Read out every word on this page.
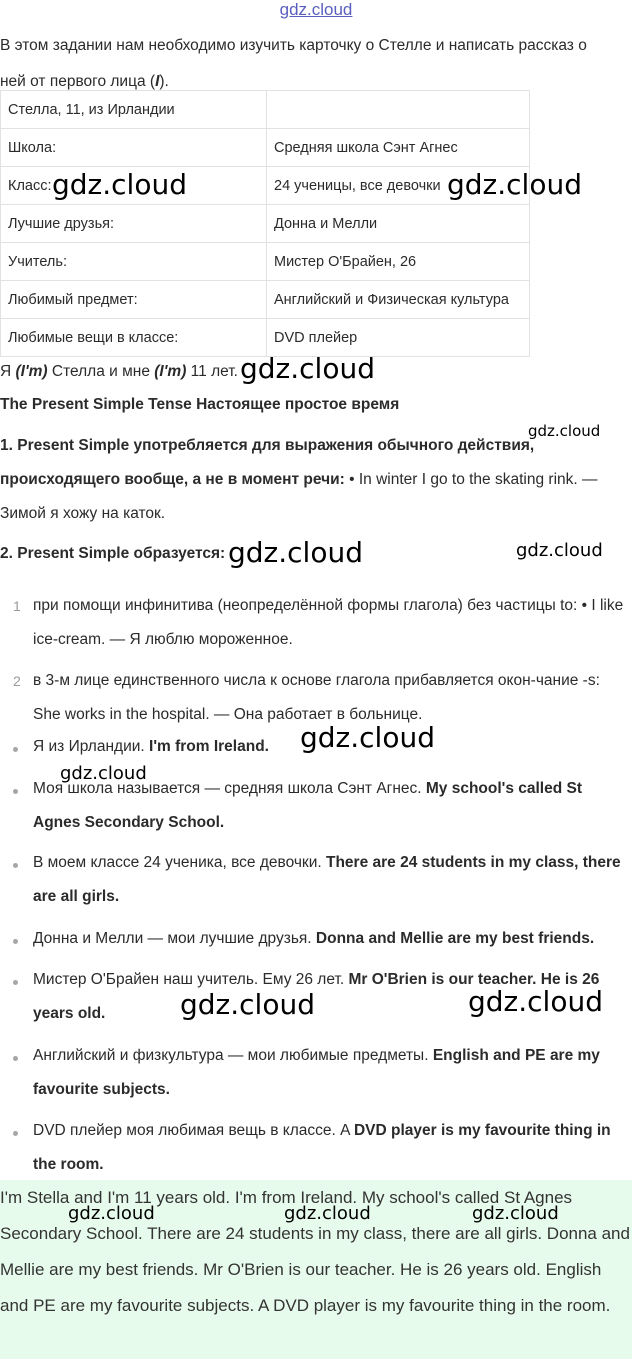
gdz.cloud
В этом задании нам необходимо изучить карточку о Стелле и написать рассказ о ней от первого лица (I).
Стелла, 11, из Ирландии	
Школа:	Средняя школа Сэнт Агнес
Класс:	24 ученицы, все девочки
Лучшие друзья:	Донна и Мелли
Учитель:	Мистер О'Брайен, 26
Любимый предмет:	Английский и Физическая культура
Любимые вещи в классе:	DVD плейер
Я (I'm) Стелла и мне (I'm) 11 лет.
The Present Simple Tense Настоящее простое время
1. Present Simple употребляется для выражения обычного действия, происходящего вообще, а не в момент речи: • In winter I go to the skating rink. — Зимой я хожу на каток.
2. Present Simple образуется:
1 при помощи инфинитива (неопределённой формы глагола) без частицы to: • I like ice-cream. — Я люблю мороженное.
2 в 3-м лице единственного числа к основе глагола прибавляется окон-чание -s: She works in the hospital. — Она работает в больнице.
Я из Ирландии. I'm from Ireland.
Моя школа называется — средняя школа Сэнт Агнес. My school's called St Agnes Secondary School.
В моем классе 24 ученика, все девочки. There are 24 students in my class, there are all girls.
Донна и Мелли — мои лучшие друзья. Donna and Mellie are my best friends.
Мистер О'Брайен наш учитель. Ему 26 лет. Mr O'Brien is our teacher. He is 26 years old.
Английский и физкультура — мои любимые предметы. English and PE are my favourite subjects.
DVD плейер моя любимая вещь в классе. A DVD player is my favourite thing in the room.
I'm Stella and I'm 11 years old. I'm from Ireland. My school's called St Agnes Secondary School. There are 24 students in my class, there are all girls. Donna and Mellie are my best friends. Mr O'Brien is our teacher. He is 26 years old. English and PE are my favourite subjects. A DVD player is my favourite thing in the room.
gdz.cloud	gdz.cloud
gdz.cloud
gdz.cloud
gdz.cloud	gdz.cloud
gdz.cloud
gdz.cloud
gdz.cloud	gdz.cloud
gdz.cloud	gdz.cloud	gdz.cloud
